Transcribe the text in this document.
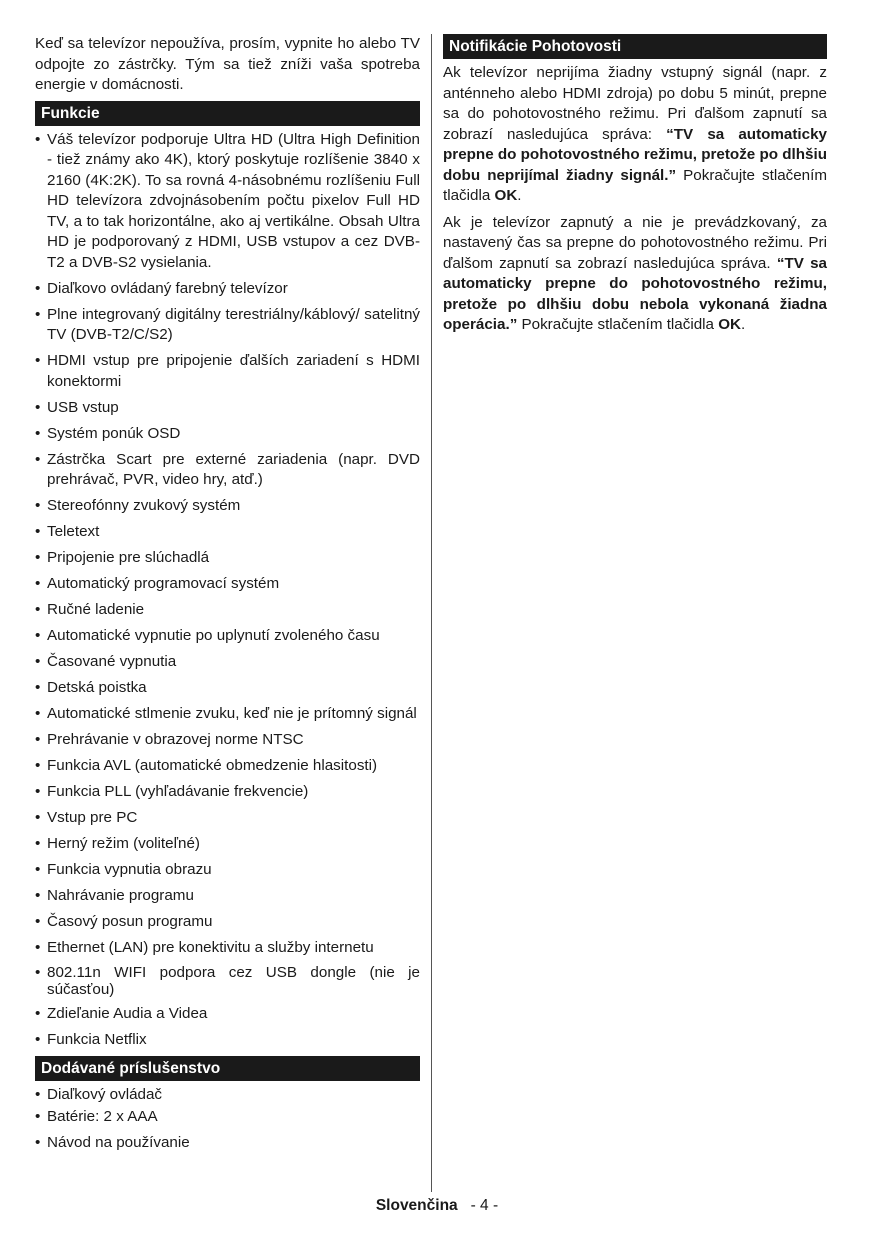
Keď sa televízor nepoužíva, prosím, vypnite ho alebo TV odpojte zo zástrčky. Tým sa tiež zníži vaša spotreba energie v domácnosti.

Funkcie
• Váš televízor podporuje Ultra HD (Ultra High Definition - tiež známy ako 4K), ktorý poskytuje rozlíšenie 3840 x 2160 (4K:2K). To sa rovná 4-násobnému rozlíšeniu Full HD televízora zdvojnásobením počtu pixelov Full HD TV, a to tak horizontálne, ako aj vertikálne. Obsah Ultra HD je podporovaný z HDMI, USB vstupov a cez DVB-T2 a DVB-S2 vysielania.
• Diaľkovo ovládaný farebný televízor
• Plne integrovaný digitálny terestriálny/káblový/ satelitný TV (DVB-T2/C/S2)
• HDMI vstup pre pripojenie ďalších zariadení s HDMI konektormi
• USB vstup
• Systém ponúk OSD
• Zástrčka Scart pre externé zariadenia (napr. DVD prehrávač, PVR, video hry, atď.)
• Stereofónny zvukový systém
• Teletext
• Pripojenie pre slúchadlá
• Automatický programovací systém
• Ručné ladenie
• Automatické vypnutie po uplynutí zvoleného času
• Časované vypnutia
• Detská poistka
• Automatické stlmenie zvuku, keď nie je prítomný signál
• Prehrávanie v obrazovej norme NTSC
• Funkcia AVL (automatické obmedzenie hlasitosti)
• Funkcia PLL (vyhľadávanie frekvencie)
• Vstup pre PC
• Herný režim (voliteľné)
• Funkcia vypnutia obrazu
• Nahrávanie programu
• Časový posun programu
• Ethernet (LAN) pre konektivitu a služby internetu
• 802.11n WIFI podpora cez USB dongle (nie je súčasťou)
• Zdieľanie Audia a Videa
• Funkcia Netflix
Dodávané príslušenstvo
• Diaľkový ovládač
• Batérie: 2 x AAA
• Návod na používanie
Notifikácie Pohotovosti

Ak televízor neprijíma žiadny vstupný signál (napr. z anténneho alebo HDMI zdroja) po dobu 5 minút, prepne sa do pohotovostného režimu. Pri ďalšom zapnutí sa zobrazí nasledujúca správa: “TV sa automaticky prepne do pohotovostného režimu, pretože po dlhšiu dobu neprijímal žiadny signál.” Pokračujte stlačením tlačidla OK.

Ak je televízor zapnutý a nie je prevádzkovaný, za nastavený čas sa prepne do pohotovostného režimu. Pri ďalšom zapnutí sa zobrazí nasledujúca správa. “TV sa automaticky prepne do pohotovostného režimu, pretože po dlhšiu dobu nebola vykonaná žiadna operácia.” Pokračujte stlačením tlačidla OK.

Slovenčina - 4 -
